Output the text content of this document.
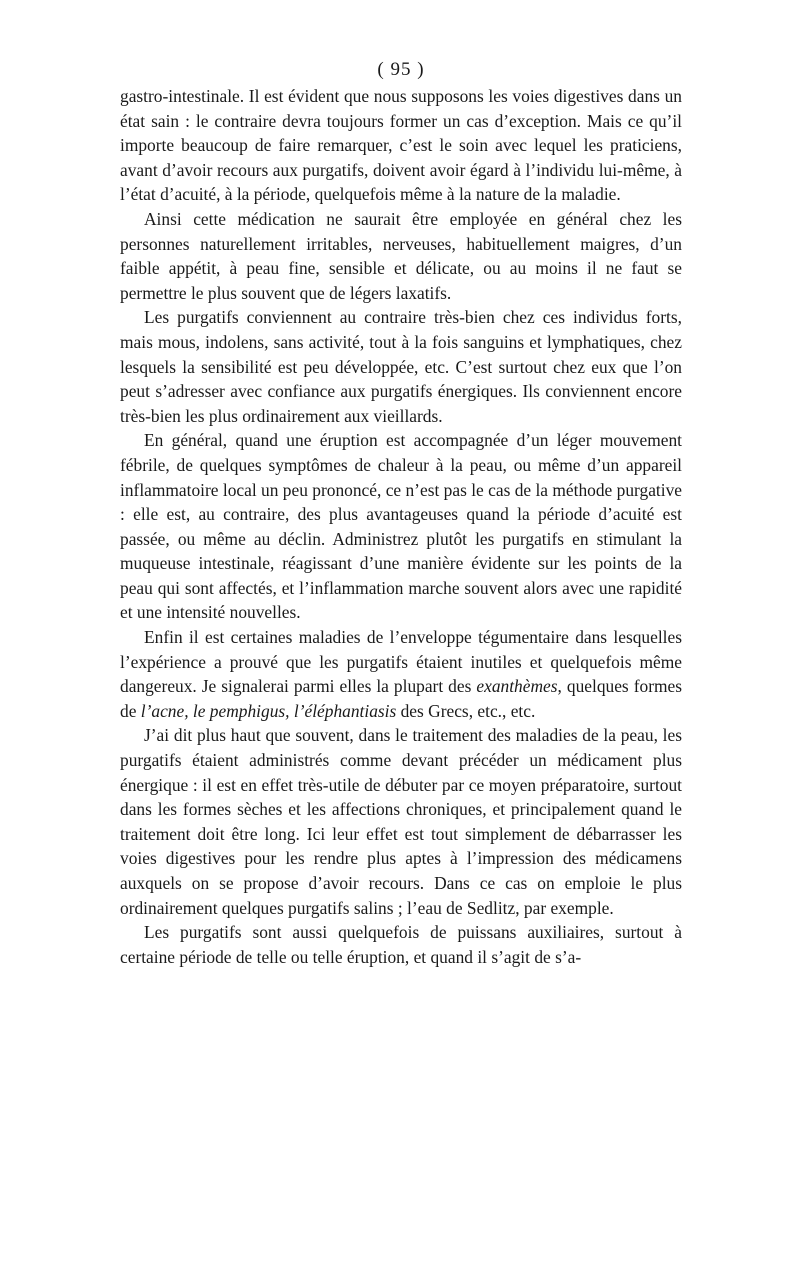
( 95 )

gastro-intestinale. Il est évident que nous supposons les voies digestives dans un état sain : le contraire devra toujours former un cas d’exception. Mais ce qu’il importe beaucoup de faire remarquer, c’est le soin avec lequel les praticiens, avant d’avoir recours aux purgatifs, doivent avoir égard à l’individu lui-même, à l’état d’acuité, à la période, quelquefois même à la nature de la maladie.

Ainsi cette médication ne saurait être employée en général chez les personnes naturellement irritables, nerveuses, habituellement maigres, d’un faible appétit, à peau fine, sensible et délicate, ou au moins il ne faut se permettre le plus souvent que de légers laxatifs.

Les purgatifs conviennent au contraire très-bien chez ces individus forts, mais mous, indolens, sans activité, tout à la fois sanguins et lymphatiques, chez lesquels la sensibilité est peu développée, etc. C’est surtout chez eux que l’on peut s’adresser avec confiance aux purgatifs énergiques. Ils conviennent encore très-bien les plus ordinairement aux vieillards.

En général, quand une éruption est accompagnée d’un léger mouvement fébrile, de quelques symptômes de chaleur à la peau, ou même d’un appareil inflammatoire local un peu prononcé, ce n’est pas le cas de la méthode purgative : elle est, au contraire, des plus avantageuses quand la période d’acuité est passée, ou même au déclin. Administrez plutôt les purgatifs en stimulant la muqueuse intestinale, réagissant d’une manière évidente sur les points de la peau qui sont affectés, et l’inflammation marche souvent alors avec une rapidité et une intensité nouvelles.

Enfin il est certaines maladies de l’enveloppe tégumentaire dans lesquelles l’expérience a prouvé que les purgatifs étaient inutiles et quelquefois même dangereux. Je signalerai parmi elles la plupart des exanthèmes, quelques formes de l’acne, le pemphigus, l’éléphantiasis des Grecs, etc., etc.

J’ai dit plus haut que souvent, dans le traitement des maladies de la peau, les purgatifs étaient administrés comme devant précéder un médicament plus énergique : il est en effet très-utile de débuter par ce moyen préparatoire, surtout dans les formes sèches et les affections chroniques, et principalement quand le traitement doit être long. Ici leur effet est tout simplement de débarrasser les voies digestives pour les rendre plus aptes à l’impression des médicamens auxquels on se propose d’avoir recours. Dans ce cas on emploie le plus ordinairement quelques purgatifs salins ; l’eau de Sedlitz, par exemple.

Les purgatifs sont aussi quelquefois de puissans auxiliaires, surtout à certaine période de telle ou telle éruption, et quand il s’agit de s’a-
